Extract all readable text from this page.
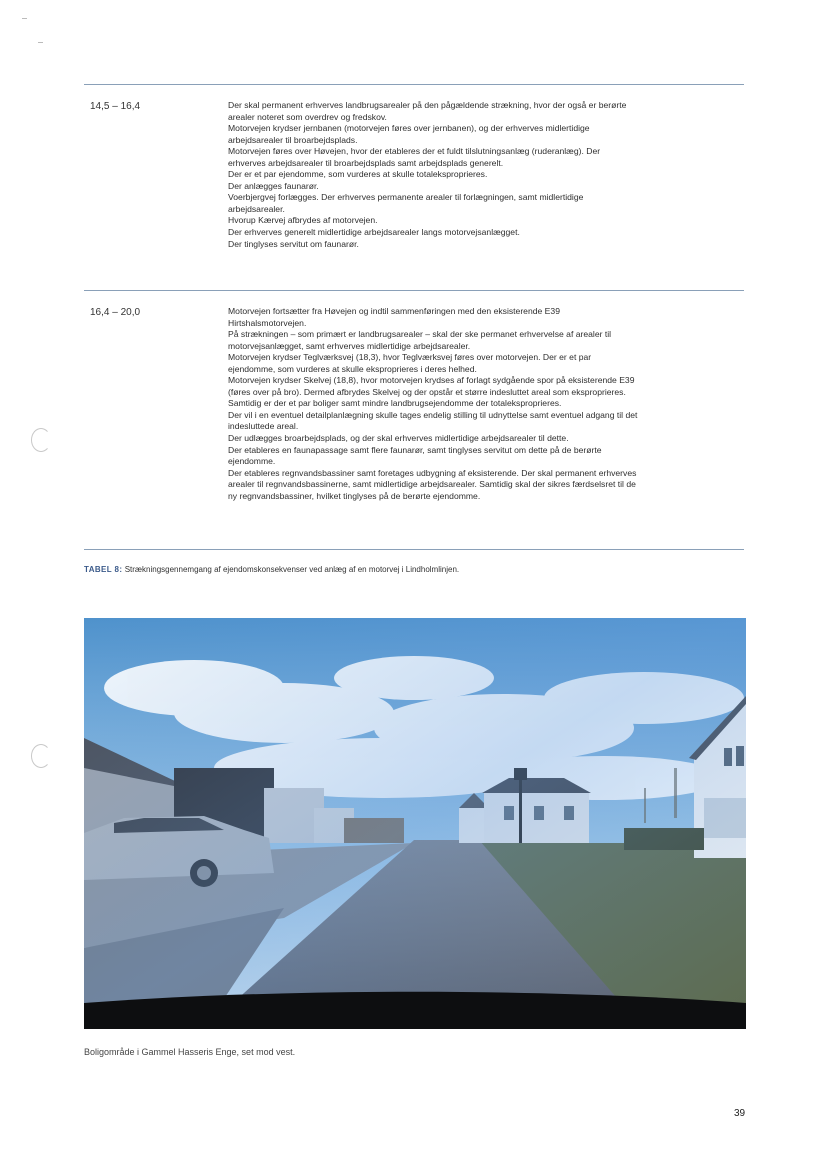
14,5 – 16,4	Der skal permanent erhverves landbrugsarealer på den pågældende strækning, hvor der også er berørte
arealer noteret som overdrev og fredskov.
Motorvejen krydser jernbanen (motorvejen føres over jernbanen), og der erhverves midlertidige
arbejdsarealer til broarbejdsplads.
Motorvejen føres over Høvejen, hvor der etableres der et fuldt tilslutningsanlæg (ruderanlæg). Der
erhverves arbejdsarealer til broarbejdsplads samt arbejdsplads generelt.
Der er et par ejendomme, som vurderes at skulle totaleksproprieres.
Der anlægges faunarør.
Voerbjergvej forlægges. Der erhverves permanente arealer til forlægningen, samt midlertidige
arbejdsarealer.
Hvorup Kærvej afbrydes af motorvejen.
Der erhverves generelt midlertidige arbejdsarealer langs motorvejsanlægget.
Der tinglyses servitut om faunarør.
16,4 – 20,0	Motorvejen fortsætter fra Høvejen og indtil sammenføringen med den eksisterende E39
Hirtshalsmotorvejen.
På strækningen – som primært er landbrugsarealer – skal der ske permanet erhvervelse af arealer til
motorvejsanlægget, samt erhverves midlertidige arbejdsarealer.
Motorvejen krydser Teglværksvej (18,3), hvor Teglværksvej føres over motorvejen. Der er et par
ejendomme, som vurderes at skulle eksproprieres i deres helhed.
Motorvejen krydser Skelvej (18,8), hvor motorvejen krydses af forlagt sydgående spor på eksisterende E39
(føres over på bro). Dermed afbrydes Skelvej og der opstår et større indesluttet areal som eksproprieres.
Samtidig er der et par boliger samt mindre landbrugsejendomme der totaleksproprieres.
Der vil i en eventuel detailplanlægning skulle tages endelig stilling til udnyttelse samt eventuel adgang til det
indesluttede areal.
Der udlægges broarbejdsplads, og der skal erhverves midlertidige arbejdsarealer til dette.
Der etableres en faunapassage samt flere faunarør, samt tinglyses servitut om dette på de berørte
ejendomme.
Der etableres regnvandsbassiner samt foretages udbygning af eksisterende. Der skal permanent erhverves
arealer til regnvandsbassinerne, samt midlertidige arbejdsarealer. Samtidig skal der sikres færdselsret til de
ny regnvandsbassiner, hvilket tinglyses på de berørte ejendomme.
TABEL 8: Strækningsgennemgang af ejendomskonsekvenser ved anlæg af en motorvej i Lindholmlinjen.
Boligområde i Gammel Hasseris Enge, set mod vest.
39
